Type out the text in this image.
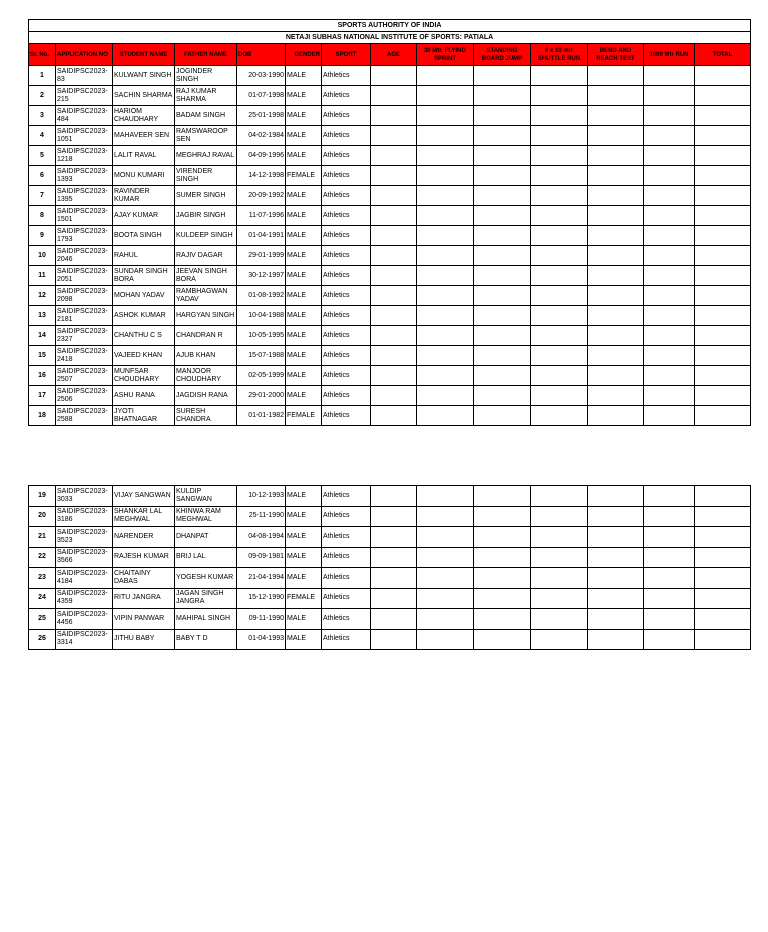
SPORTS AUTHORITY OF INDIA													
NETAJI SUBHAS NATIONAL INSTITUTE OF SPORTS: PATIALA													
Sr. No.	APPLICATION NO	STUDENT NAME	FATHER NAME	DOB	GENDER	SPORT	AGE	30 Mtr. FLYING SPRINT	STANDING BOARD JUMP	6 x 10 mtr SHUTTLE RUN	BEND AND REACH TEST	1600 Mtr RUN	TOTAL
1	SAIDIPSC2023-83	KULWANT SINGH	JOGINDER SINGH	20-03-1990	MALE	Athletics							
2	SAIDIPSC2023-215	SACHIN SHARMA	RAJ KUMAR SHARMA	01-07-1998	MALE	Athletics							
3	SAIDIPSC2023-484	HARIOM CHAUDHARY	BADAM SINGH	25-01-1998	MALE	Athletics							
4	SAIDIPSC2023-1051	MAHAVEER SEN	RAMSWAROOP SEN	04-02-1984	MALE	Athletics							
5	SAIDIPSC2023-1218	LALIT RAVAL	MEGHRAJ RAVAL	04-09-1996	MALE	Athletics							
6	SAIDIPSC2023-1393	MONU KUMARI	VIRENDER SINGH	14-12-1998	FEMALE	Athletics							
7	SAIDIPSC2023-1395	RAVINDER KUMAR	SUMER SINGH	20-09-1992	MALE	Athletics							
8	SAIDIPSC2023-1501	AJAY KUMAR	JAGBIR SINGH	11-07-1996	MALE	Athletics							
9	SAIDIPSC2023-1793	BOOTA SINGH	KULDEEP SINGH	01-04-1991	MALE	Athletics							
10	SAIDIPSC2023-2046	RAHUL	RAJIV DAGAR	29-01-1999	MALE	Athletics							
11	SAIDIPSC2023-2051	SUNDAR SINGH BORA	JEEVAN SINGH BORA	30-12-1997	MALE	Athletics							
12	SAIDIPSC2023-2098	MOHAN YADAV	RAMBHAGWAN YADAV	01-08-1992	MALE	Athletics							
13	SAIDIPSC2023-2181	ASHOK KUMAR	HARGYAN SINGH	10-04-1988	MALE	Athletics							
14	SAIDIPSC2023-2327	CHANTHU C S	CHANDRAN R	10-05-1995	MALE	Athletics							
15	SAIDIPSC2023-2418	VAJEED KHAN	AJUB KHAN	15-07-1988	MALE	Athletics							
16	SAIDIPSC2023-2507	MUNFSAR CHOUDHARY	MANJOOR CHOUDHARY	02-05-1999	MALE	Athletics							
17	SAIDIPSC2023-2506	ASHU RANA	JAGDISH RANA	29-01-2000	MALE	Athletics							
18	SAIDIPSC2023-2588	JYOTI BHATNAGAR	SURESH CHANDRA	01-01-1982	FEMALE	Athletics							
19	SAIDIPSC2023-3033	VIJAY SANGWAN	KULDIP SANGWAN	10-12-1993	MALE	Athletics							
20	SAIDIPSC2023-3186	SHANKAR LAL MEGHWAL	KHINWA RAM MEGHWAL	25-11-1990	MALE	Athletics							
21	SAIDIPSC2023-3523	NARENDER	DHANPAT	04-08-1994	MALE	Athletics							
22	SAIDIPSC2023-3566	RAJESH KUMAR	BRIJ LAL	09-09-1981	MALE	Athletics							
23	SAIDIPSC2023-4184	CHAITAINY DABAS	YOGESH KUMAR	21-04-1994	MALE	Athletics							
24	SAIDIPSC2023-4359	RITU JANGRA	JAGAN SINGH JANGRA	15-12-1990	FEMALE	Athletics							
25	SAIDIPSC2023-4456	VIPIN PANWAR	MAHIPAL SINGH	09-11-1990	MALE	Athletics							
26	SAIDIPSC2023-3314	JITHU BABY	BABY T D	01-04-1993	MALE	Athletics							
